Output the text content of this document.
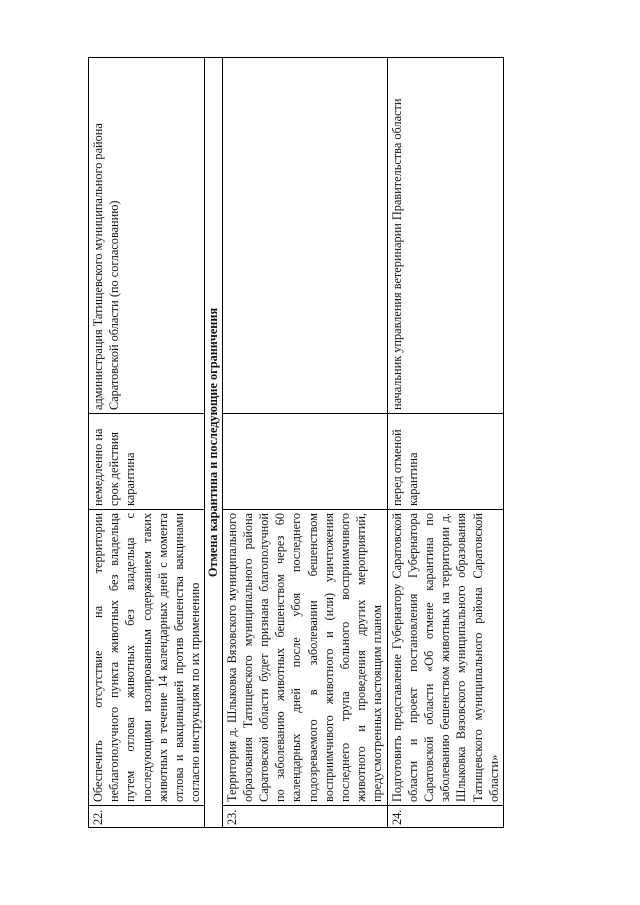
22.	Обеспечить отсутствие на территории неблагополучного пункта животных без владельца путем отлова животных без владельца с последующими изолированным содержанием таких животных в течение 14 календарных дней с момента отлова и вакцинацией против бешенства вакцинами согласно инструкциям по их применению	немедленно на срок действия карантина	администрация Татищевского муниципального района Саратовской области (по согласованию)
Отмена карантина и последующие ограничения			
23.	Территория д. Шлыковка Вязовского муниципального образования Татищевского муниципального района Саратовской области будет признана благополучной по заболеванию животных бешенством через 60 календарных дней после убоя последнего подозреваемого в заболевании бешенством восприимчивого животного и (или) уничтожения последнего трупа больного восприимчивого животного и проведения других мероприятий, предусмотренных настоящим планом		
24.	Подготовить представление Губернатору Саратовской области и проект постановления Губернатора Саратовской области «Об отмене карантина по заболеванию бешенством животных на территории д. Шлыковка Вязовского муниципального образования Татищевского муниципального района Саратовской области»	перед отменой карантина	начальник управления ветеринарии Правительства области
